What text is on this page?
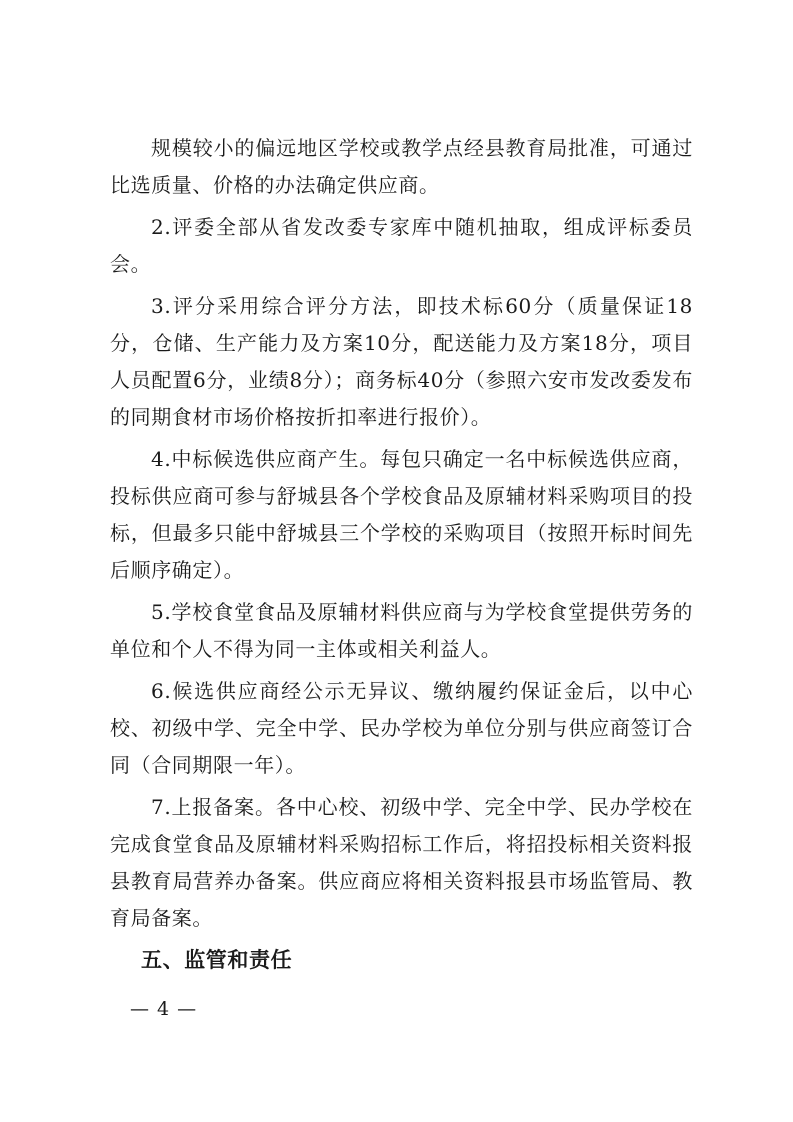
规模较小的偏远地区学校或教学点经县教育局批准，可通过比选质量、价格的办法确定供应商。

2.评委全部从省发改委专家库中随机抽取，组成评标委员会。

3.评分采用综合评分方法，即技术标60分（质量保证18分，仓储、生产能力及方案10分，配送能力及方案18分，项目人员配置6分，业绩8分）；商务标40分（参照六安市发改委发布的同期食材市场价格按折扣率进行报价）。

4.中标候选供应商产生。每包只确定一名中标候选供应商，投标供应商可参与舒城县各个学校食品及原辅材料采购项目的投标，但最多只能中舒城县三个学校的采购项目（按照开标时间先后顺序确定）。

5.学校食堂食品及原辅材料供应商与为学校食堂提供劳务的单位和个人不得为同一主体或相关利益人。

6.候选供应商经公示无异议、缴纳履约保证金后，以中心校、初级中学、完全中学、民办学校为单位分别与供应商签订合同（合同期限一年）。

7.上报备案。各中心校、初级中学、完全中学、民办学校在完成食堂食品及原辅材料采购招标工作后，将招投标相关资料报县教育局营养办备案。供应商应将相关资料报县市场监管局、教育局备案。

五、监管和责任
— 4 —
